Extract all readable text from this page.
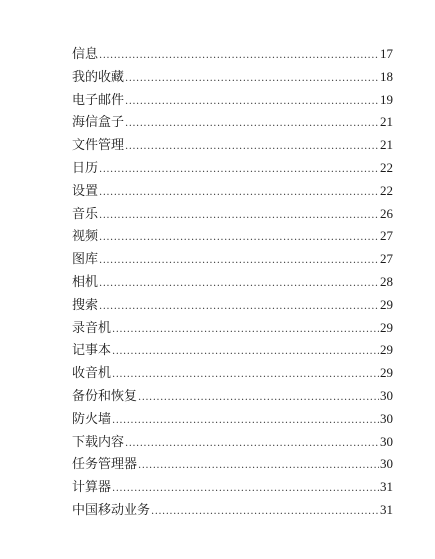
信息 .....	17
我的收藏 .....	18
电子邮件 .....	19
海信盒子 .....	21
文件管理 .....	21
日历 .....	22
设置 .....	22
音乐 .....	26
视频 .....	27
图库 .....	27
相机 .....	28
搜索 .....	29
录音机 .....	29
记事本 .....	29
收音机 .....	29
备份和恢复 .....	30
防火墙 .....	30
下载内容 .....	30
任务管理器 .....	30
计算器 .....	31
中国移动业务 .....	31
